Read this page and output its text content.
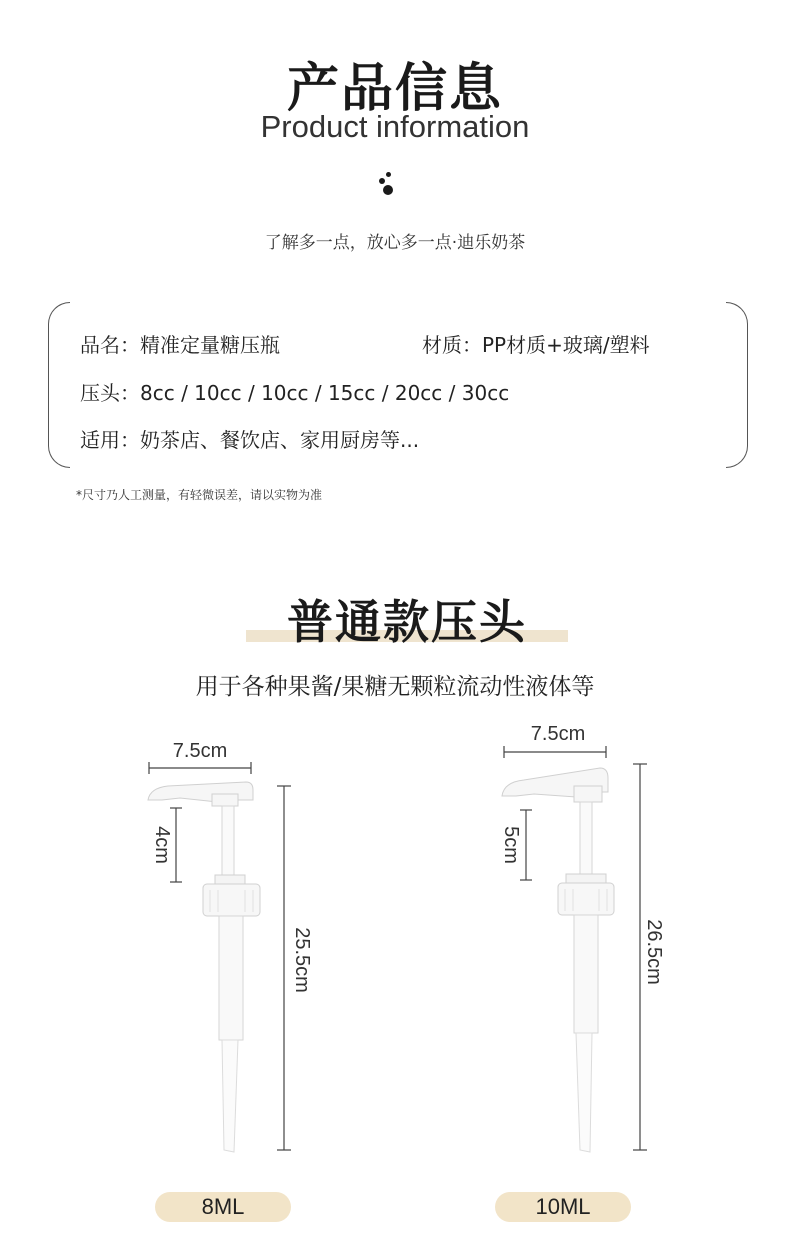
产品信息
Product information
了解多一点，放心多一点·迪乐奶茶
品名：精准定量糖压瓶	材质：PP材质+玻璃/塑料
压头：8cc / 10cc / 10cc / 15cc / 20cc / 30cc
适用：奶茶店、餐饮店、家用厨房等...
*尺寸乃人工测量，有轻微误差，请以实物为准
普通款压头
用于各种果酱/果糖无颗粒流动性液体等
7.5cm
4cm
25.5cm
7.5cm
5cm
26.5cm
8ML	10ML
